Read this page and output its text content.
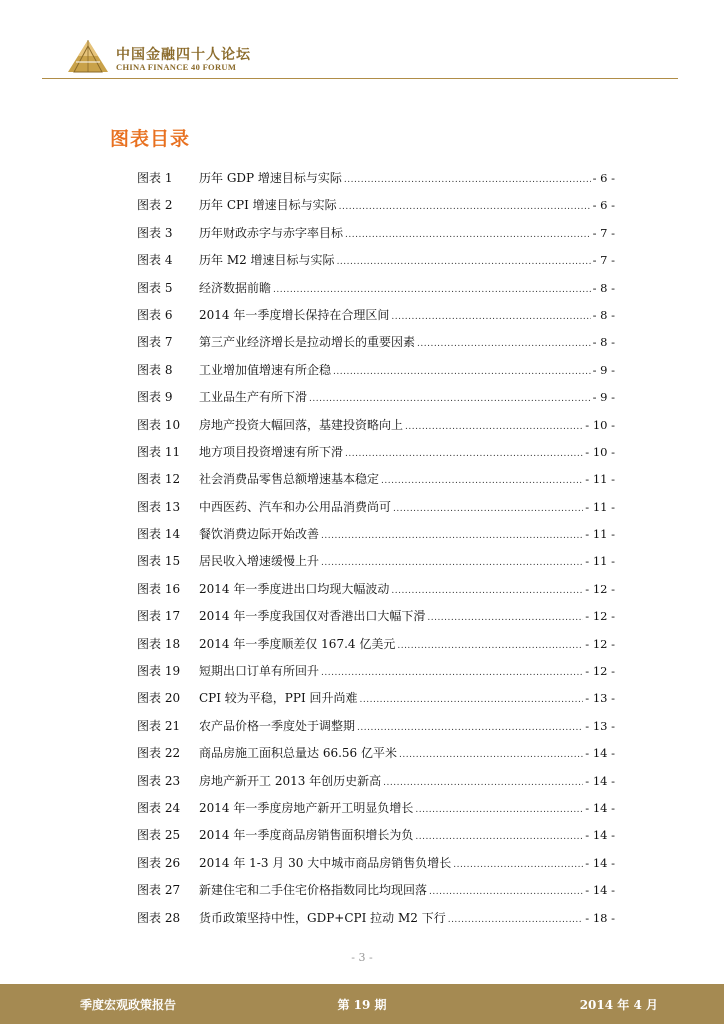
中国金融四十人论坛
CHINA FINANCE 40 FORUM
图表目录
图表 1	历年 GDP 增速目标与实际 .....	- 6 -
图表 2	历年 CPI 增速目标与实际 .....	- 6 -
图表 3	历年财政赤字与赤字率目标 .....	- 7 -
图表 4	历年 M2 增速目标与实际 .....	- 7 -
图表 5	经济数据前瞻 .....	- 8 -
图表 6	2014 年一季度增长保持在合理区间 .....	- 8 -
图表 7	第三产业经济增长是拉动增长的重要因素 .....	- 8 -
图表 8	工业增加值增速有所企稳 .....	- 9 -
图表 9	工业品生产有所下滑 .....	- 9 -
图表 10	房地产投资大幅回落，基建投资略向上 .....	- 10 -
图表 11	地方项目投资增速有所下滑 .....	- 10 -
图表 12	社会消费品零售总额增速基本稳定 .....	- 11 -
图表 13	中西医药、汽车和办公用品消费尚可 .....	- 11 -
图表 14	餐饮消费边际开始改善 .....	- 11 -
图表 15	居民收入增速缓慢上升 .....	- 11 -
图表 16	2014 年一季度进出口均现大幅波动 .....	- 12 -
图表 17	2014 年一季度我国仅对香港出口大幅下滑 .....	- 12 -
图表 18	2014 年一季度顺差仅 167.4 亿美元 .....	- 12 -
图表 19	短期出口订单有所回升 .....	- 12 -
图表 20	CPI 较为平稳，PPI 回升尚难 .....	- 13 -
图表 21	农产品价格一季度处于调整期 .....	- 13 -
图表 22	商品房施工面积总量达 66.56 亿平米 .....	- 14 -
图表 23	房地产新开工 2013 年创历史新高 .....	- 14 -
图表 24	2014 年一季度房地产新开工明显负增长 .....	- 14 -
图表 25	2014 年一季度商品房销售面积增长为负 .....	- 14 -
图表 26	2014 年 1-3 月 30 大中城市商品房销售负增长 .....	- 14 -
图表 27	新建住宅和二手住宅价格指数同比均现回落 .....	- 14 -
图表 28	货币政策坚持中性，GDP+CPI 拉动 M2 下行 .....	- 18 -
- 3 -
季度宏观政策报告	第 19 期	2014 年 4 月
